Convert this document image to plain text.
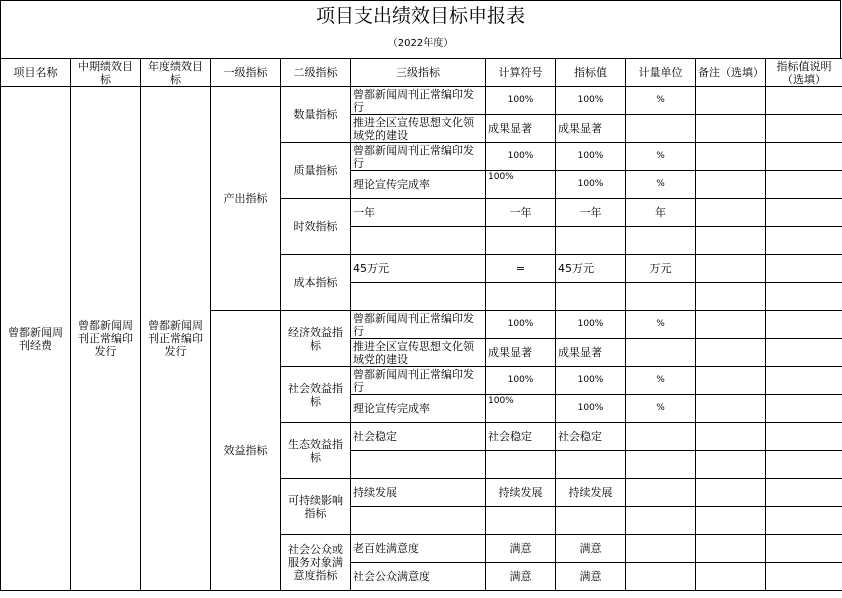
项目支出绩效目标申报表
（2022年度）
项目名称	中期绩效目标	年度绩效目标	一级指标	二级指标	三级指标	计算符号	指标值	计量单位	备注（选填）	指标值说明（选填）
曾都新闻周刊经费	曾都新闻周刊正常编印发行	曾都新闻周刊正常编印发行	产出指标	数量指标	曾都新闻周刊正常编印发行	100%	100%	%		
					推进全区宣传思想文化领域党的建设	成果显著	成果显著			
				质量指标	曾都新闻周刊正常编印发行	100%	100%	%		
					理论宣传完成率	100%	100%	%		
				时效指标	一年	一年	一年	年		

				成本指标	45万元	=	45万元	万元		

			效益指标	经济效益指标	曾都新闻周刊正常编印发行	100%	100%	%		
					推进全区宣传思想文化领域党的建设	成果显著	成果显著			
				社会效益指标	曾都新闻周刊正常编印发行	100%	100%	%		
					理论宣传完成率	100%	100%	%		
				生态效益指标	社会稳定	社会稳定	社会稳定			

				可持续影响指标	持续发展	持续发展	持续发展			

				社会公众或服务对象满意度指标	老百姓满意度	满意	满意			
					社会公众满意度	满意	满意			
